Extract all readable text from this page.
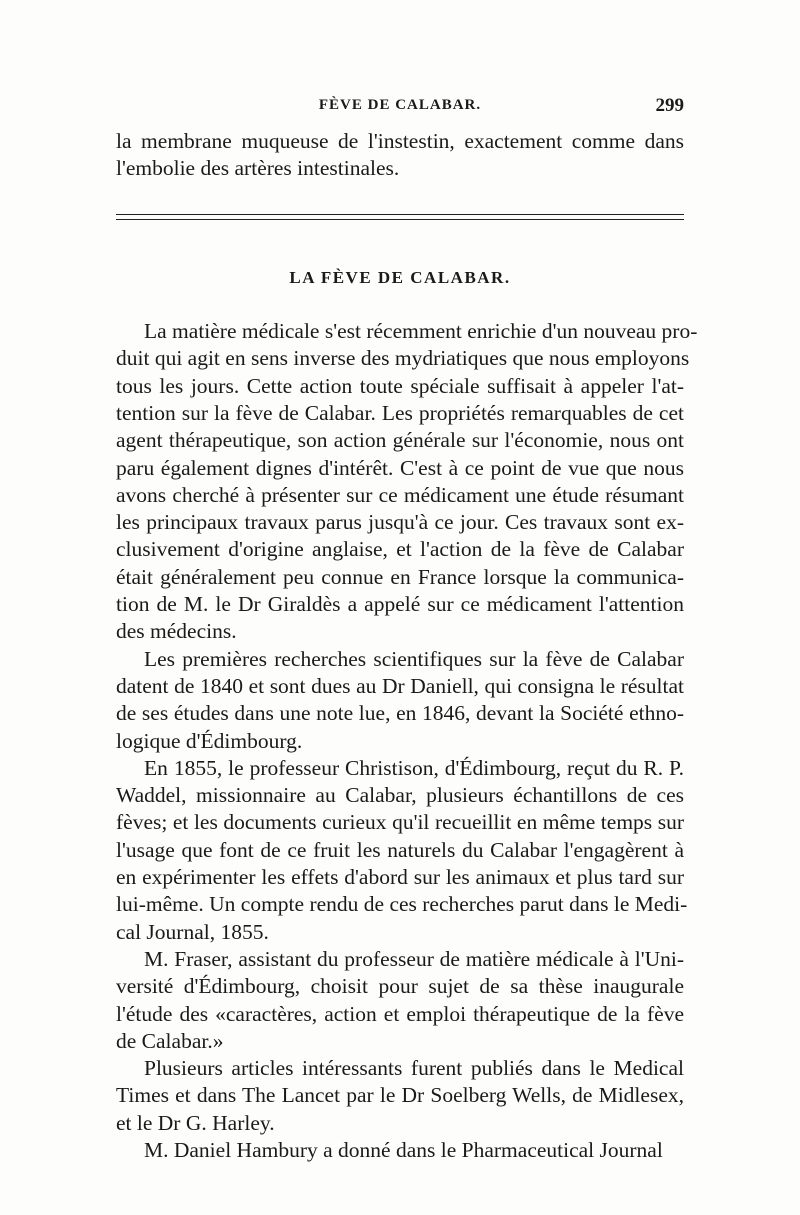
FÈVE DE CALABAR.	299
la membrane muqueuse de l'instestin, exactement comme dans
l'embolie des artères intestinales.
LA FÈVE DE CALABAR.
La matière médicale s'est récemment enrichie d'un nouveau pro-
duit qui agit en sens inverse des mydriatiques que nous employons
tous les jours. Cette action toute spéciale suffisait à appeler l'at-
tention sur la fève de Calabar. Les propriétés remarquables de cet
agent thérapeutique, son action générale sur l'économie, nous ont
paru également dignes d'intérêt. C'est à ce point de vue que nous
avons cherché à présenter sur ce médicament une étude résumant
les principaux travaux parus jusqu'à ce jour. Ces travaux sont ex-
clusivement d'origine anglaise, et l'action de la fève de Calabar
était généralement peu connue en France lorsque la communica-
tion de M. le Dr Giraldès a appelé sur ce médicament l'attention
des médecins.
Les premières recherches scientifiques sur la fève de Calabar
datent de 1840 et sont dues au Dr Daniell, qui consigna le résultat
de ses études dans une note lue, en 1846, devant la Société ethno-
logique d'Édimbourg.
En 1855, le professeur Christison, d'Édimbourg, reçut du R. P.
Waddel, missionnaire au Calabar, plusieurs échantillons de ces
fèves; et les documents curieux qu'il recueillit en même temps sur
l'usage que font de ce fruit les naturels du Calabar l'engagèrent à
en expérimenter les effets d'abord sur les animaux et plus tard sur
lui-même. Un compte rendu de ces recherches parut dans le Medi-
cal Journal, 1855.
M. Fraser, assistant du professeur de matière médicale à l'Uni-
versité d'Édimbourg, choisit pour sujet de sa thèse inaugurale
l'étude des «caractères, action et emploi thérapeutique de la fève
de Calabar.»
Plusieurs articles intéressants furent publiés dans le Medical
Times et dans The Lancet par le Dr Soelberg Wells, de Midlesex,
et le Dr G. Harley.
M. Daniel Hambury a donné dans le Pharmaceutical Journal
